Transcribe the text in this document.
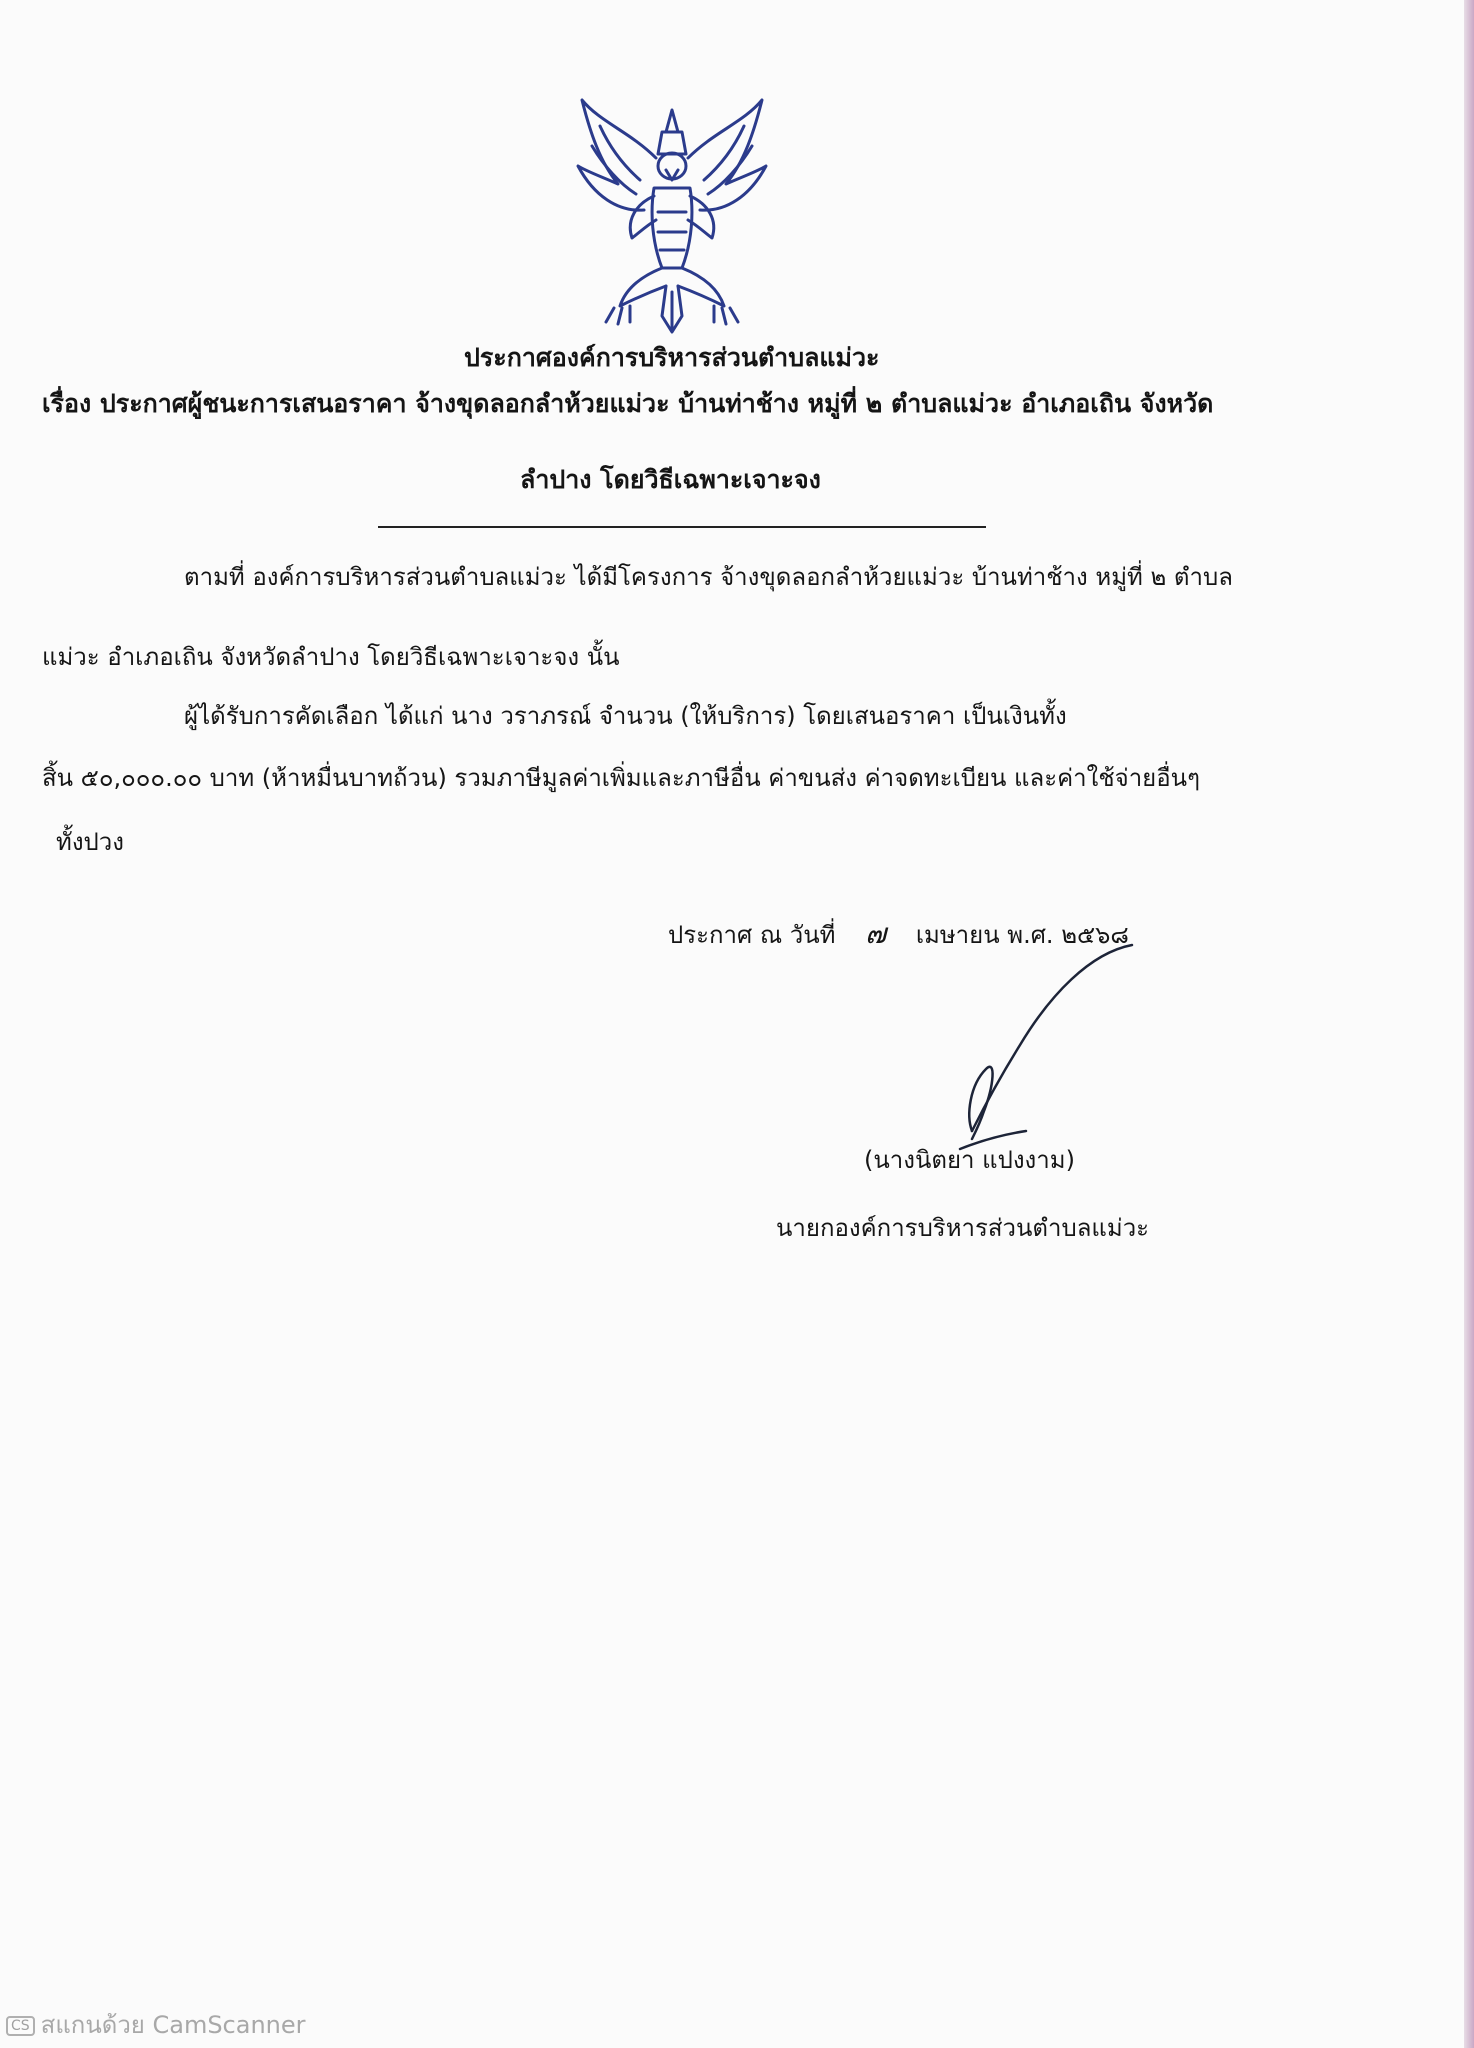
ประกาศองค์การบริหารส่วนตำบลแม่วะ
เรื่อง ประกาศผู้ชนะการเสนอราคา จ้างขุดลอกลำห้วยแม่วะ บ้านท่าช้าง หมู่ที่ ๒ ตำบลแม่วะ อำเภอเถิน จังหวัด
ลำปาง โดยวิธีเฉพาะเจาะจง
ตามที่ องค์การบริหารส่วนตำบลแม่วะ ได้มีโครงการ จ้างขุดลอกลำห้วยแม่วะ บ้านท่าช้าง หมู่ที่ ๒ ตำบล
แม่วะ อำเภอเถิน จังหวัดลำปาง โดยวิธีเฉพาะเจาะจง นั้น
ผู้ได้รับการคัดเลือก ได้แก่ นาง วราภรณ์ จำนวน (ให้บริการ) โดยเสนอราคา เป็นเงินทั้ง
สิ้น ๕๐,๐๐๐.๐๐ บาท (ห้าหมื่นบาทถ้วน) รวมภาษีมูลค่าเพิ่มและภาษีอื่น ค่าขนส่ง ค่าจดทะเบียน และค่าใช้จ่ายอื่นๆ
ทั้งปวง
ประกาศ ณ วันที่ ๗ เมษายน พ.ศ. ๒๕๖๘
(นางนิตยา แปงงาม)
นายกองค์การบริหารส่วนตำบลแม่วะ
CS สแกนด้วย CamScanner
